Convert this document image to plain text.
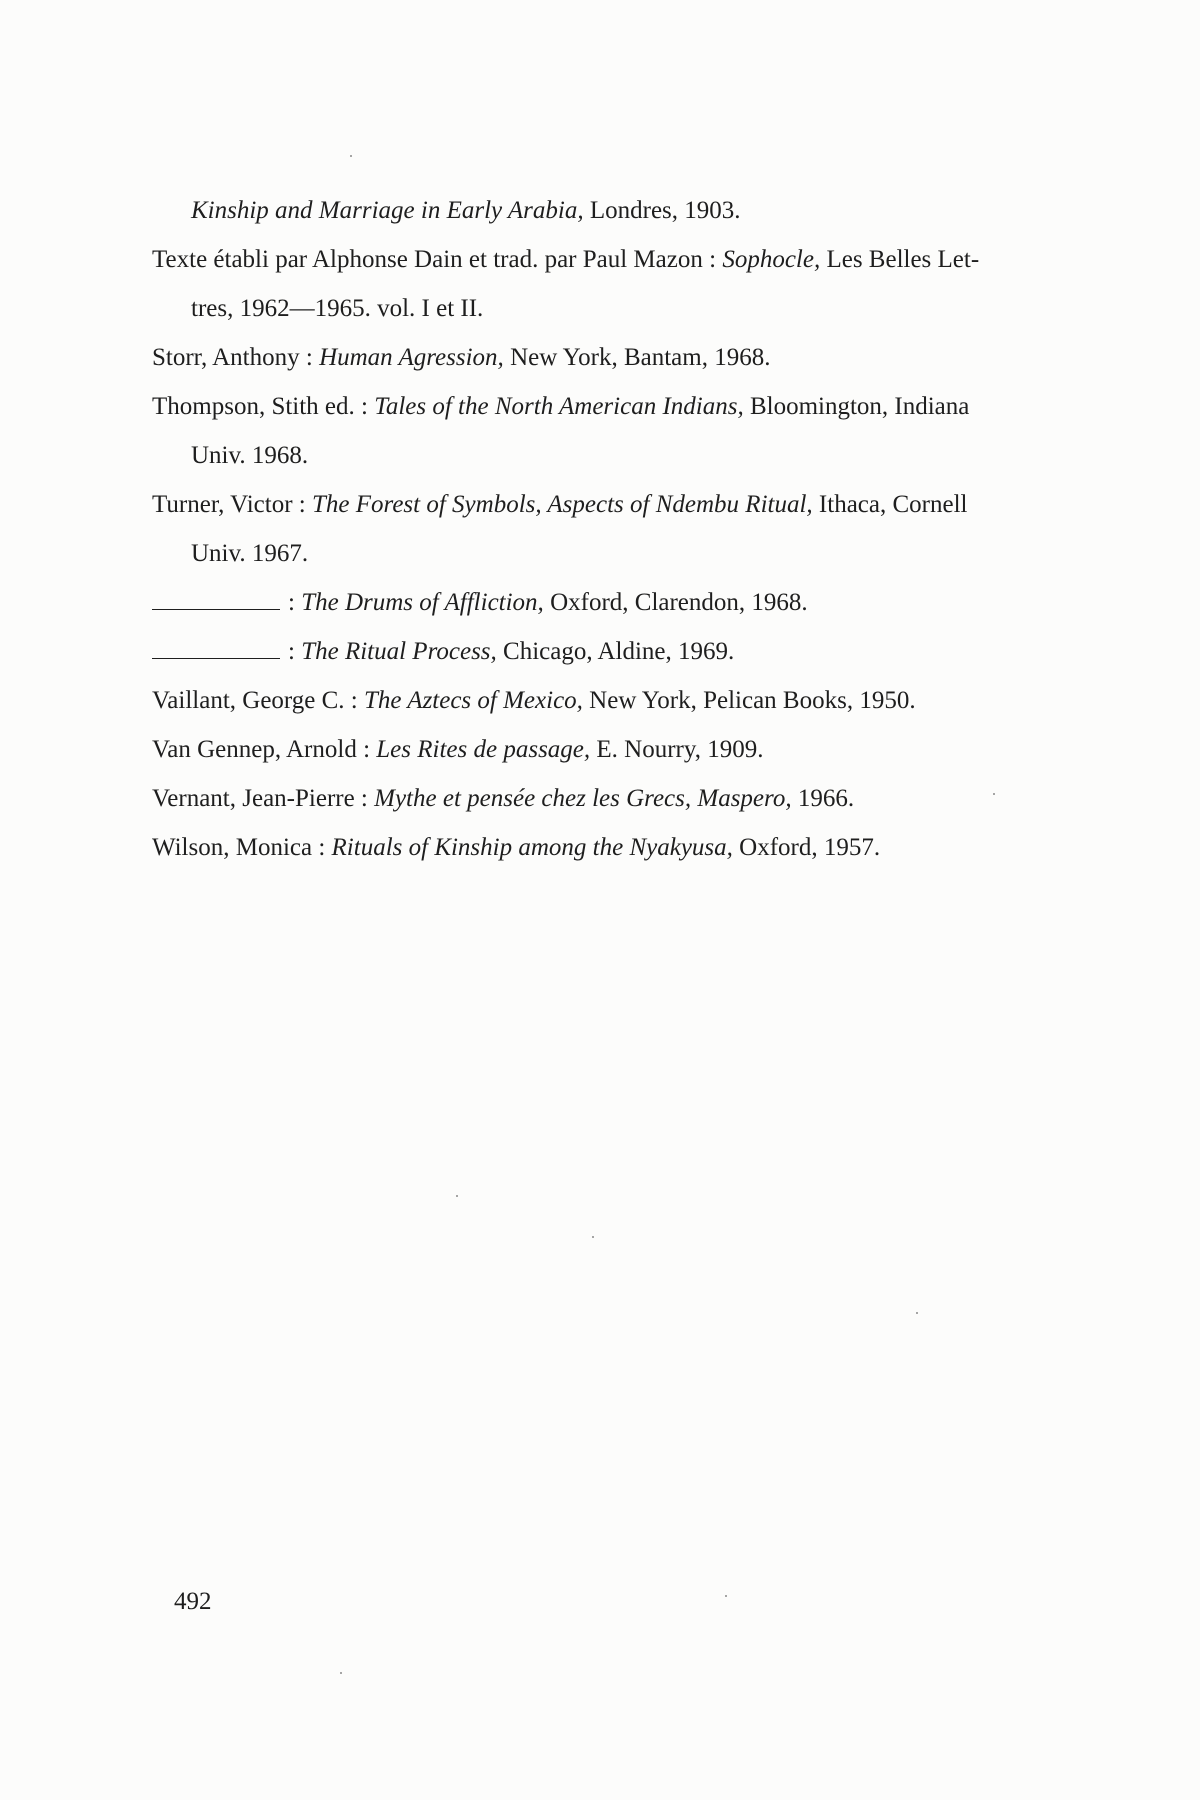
Kinship and Marriage in Early Arabia, Londres, 1903.
Texte établi par Alphonse Dain et trad. par Paul Mazon : Sophocle, Les Belles Let-
tres, 1962—1965. vol. I et II.
Storr, Anthony : Human Agression, New York, Bantam, 1968.
Thompson, Stith ed. : Tales of the North American Indians, Bloomington, Indiana
Univ. 1968.
Turner, Victor : The Forest of Symbols, Aspects of Ndembu Ritual, Ithaca, Cornell
Univ. 1967.
: The Drums of Affliction, Oxford, Clarendon, 1968.
: The Ritual Process, Chicago, Aldine, 1969.
Vaillant, George C. : The Aztecs of Mexico, New York, Pelican Books, 1950.
Van Gennep, Arnold : Les Rites de passage, E. Nourry, 1909.
Vernant, Jean-Pierre : Mythe et pensée chez les Grecs, Maspero, 1966.
Wilson, Monica : Rituals of Kinship among the Nyakyusa, Oxford, 1957.
492
